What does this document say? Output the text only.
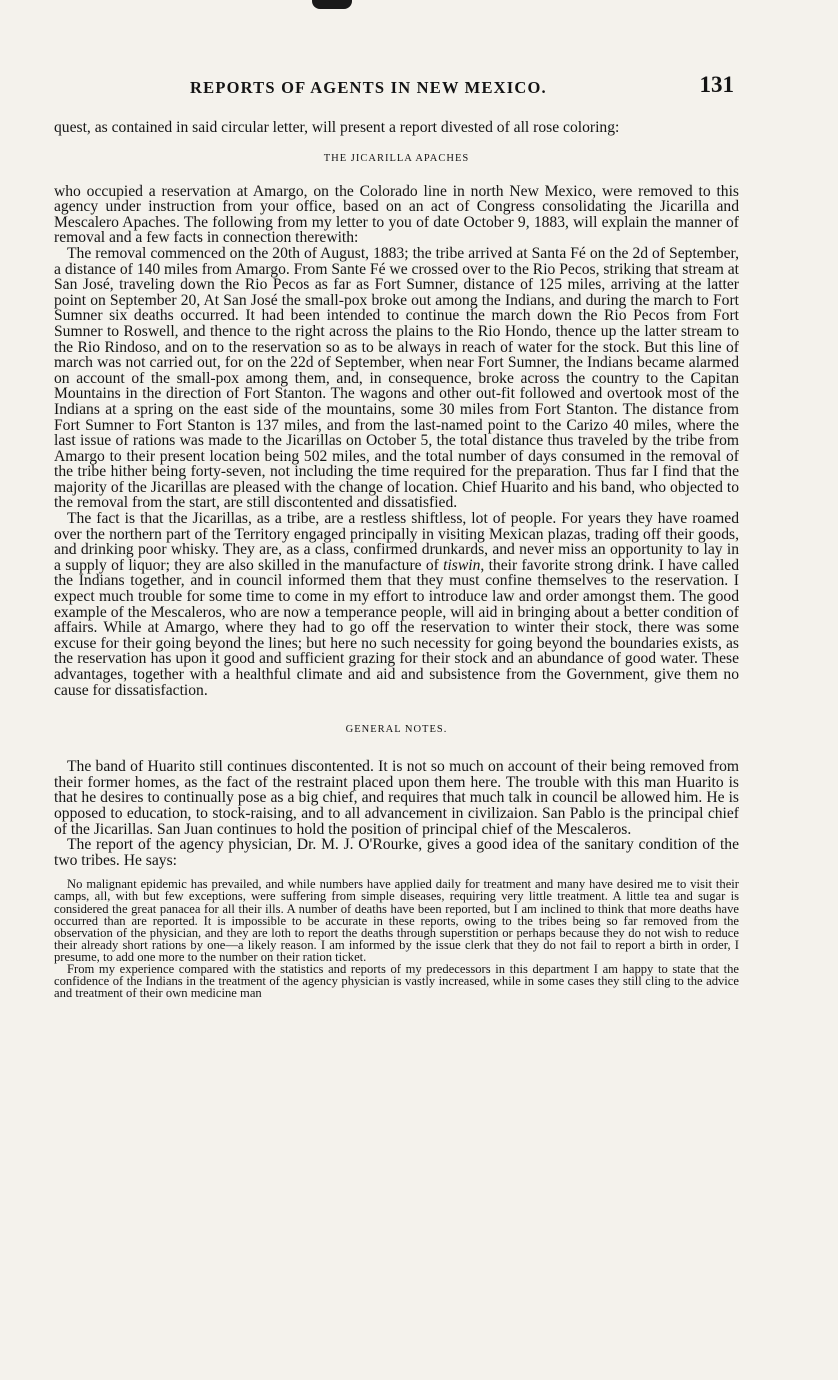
REPORTS OF AGENTS IN NEW MEXICO.	131

quest, as contained in said circular letter, will present a report divested of all rose coloring:

THE JICARILLA APACHES

who occupied a reservation at Amargo, on the Colorado line in north New Mexico, were removed to this agency under instruction from your office, based on an act of Congress consolidating the Jicarilla and Mescalero Apaches. The following from my letter to you of date October 9, 1883, will explain the manner of removal and a few facts in connection therewith:

The removal commenced on the 20th of August, 1883; the tribe arrived at Santa Fé on the 2d of September, a distance of 140 miles from Amargo. From Sante Fé we crossed over to the Rio Pecos, striking that stream at San José, traveling down the Rio Pecos as far as Fort Sumner, distance of 125 miles, arriving at the latter point on September 20, At San José the small-pox broke out among the Indians, and during the march to Fort Sumner six deaths occurred. It had been intended to continue the march down the Rio Pecos from Fort Sumner to Roswell, and thence to the right across the plains to the Rio Hondo, thence up the latter stream to the Rio Rindoso, and on to the reservation so as to be always in reach of water for the stock. But this line of march was not carried out, for on the 22d of September, when near Fort Sumner, the Indians became alarmed on account of the small-pox among them, and, in consequence, broke across the country to the Capitan Mountains in the direction of Fort Stanton. The wagons and other out-fit followed and overtook most of the Indians at a spring on the east side of the mountains, some 30 miles from Fort Stanton. The distance from Fort Sumner to Fort Stanton is 137 miles, and from the last-named point to the Carizo 40 miles, where the last issue of rations was made to the Jicarillas on October 5, the total distance thus traveled by the tribe from Amargo to their present location being 502 miles, and the total number of days consumed in the removal of the tribe hither being forty-seven, not including the time required for the preparation. Thus far I find that the majority of the Jicarillas are pleased with the change of location. Chief Huarito and his band, who objected to the removal from the start, are still discontented and dissatisfied.

The fact is that the Jicarillas, as a tribe, are a restless shiftless, lot of people. For years they have roamed over the northern part of the Territory engaged principally in visiting Mexican plazas, trading off their goods, and drinking poor whisky. They are, as a class, confirmed drunkards, and never miss an opportunity to lay in a supply of liquor; they are also skilled in the manufacture of tiswin, their favorite strong drink. I have called the Indians together, and in council informed them that they must confine themselves to the reservation. I expect much trouble for some time to come in my effort to introduce law and order amongst them. The good example of the Mescaleros, who are now a temperance people, will aid in bringing about a better condition of affairs. While at Amargo, where they had to go off the reservation to winter their stock, there was some excuse for their going beyond the lines; but here no such necessity for going beyond the boundaries exists, as the reservation has upon it good and sufficient grazing for their stock and an abundance of good water. These advantages, together with a healthful climate and aid and subsistence from the Government, give them no cause for dissatisfaction.

GENERAL NOTES.

The band of Huarito still continues discontented. It is not so much on account of their being removed from their former homes, as the fact of the restraint placed upon them here. The trouble with this man Huarito is that he desires to continually pose as a big chief, and requires that much talk in council be allowed him. He is opposed to education, to stock-raising, and to all advancement in civilizaion. San Pablo is the principal chief of the Jicarillas. San Juan continues to hold the position of principal chief of the Mescaleros.

The report of the agency physician, Dr. M. J. O'Rourke, gives a good idea of the sanitary condition of the two tribes. He says:

No malignant epidemic has prevailed, and while numbers have applied daily for treatment and many have desired me to visit their camps, all, with but few exceptions, were suffering from simple diseases, requiring very little treatment. A little tea and sugar is considered the great panacea for all their ills. A number of deaths have been reported, but I am inclined to think that more deaths have occurred than are reported. It is impossible to be accurate in these reports, owing to the tribes being so far removed from the observation of the physician, and they are loth to report the deaths through superstition or perhaps because they do not wish to reduce their already short rations by one—a likely reason. I am informed by the issue clerk that they do not fail to report a birth in order, I presume, to add one more to the number on their ration ticket.

From my experience compared with the statistics and reports of my predecessors in this department I am happy to state that the confidence of the Indians in the treatment of the agency physician is vastly increased, while in some cases they still cling to the advice and treatment of their own medicine man
